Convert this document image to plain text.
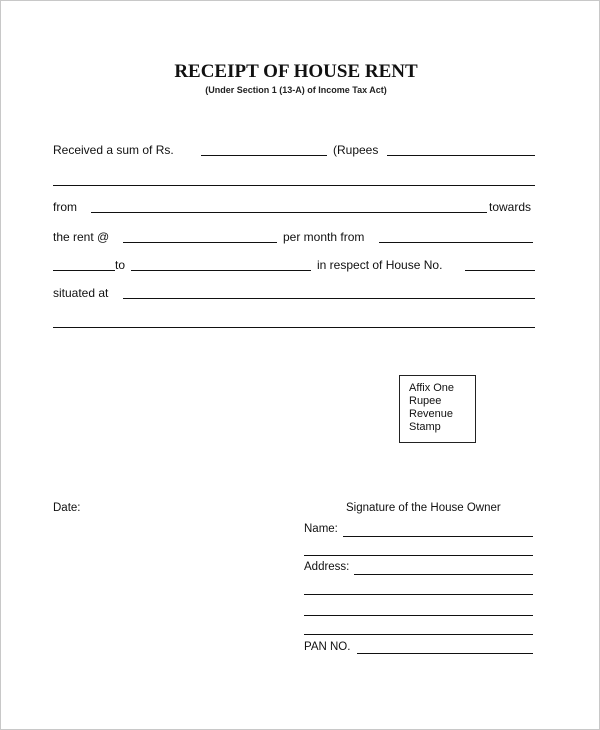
RECEIPT OF HOUSE RENT
(Under Section 1 (13-A) of Income Tax Act)
Received a sum of Rs.	(Rupees
from	towards
the rent @	per month from
to	in respect of House No.
situated at
Affix One
Rupee
Revenue
Stamp
Date:	Signature of the House Owner
Name:
Address:
PAN NO.
